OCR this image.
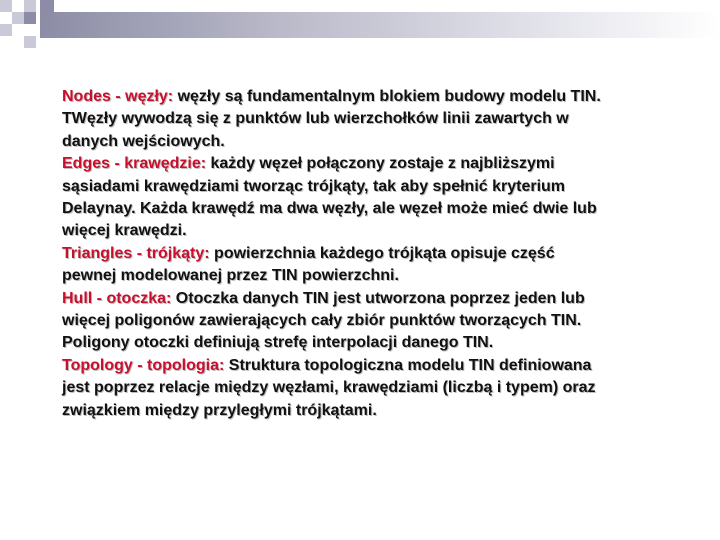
Nodes - węzły: węzły są fundamentalnym blokiem budowy modelu TIN. TWęzły wywodzą się z punktów lub wierzchołków linii zawartych w danych wejściowych.

Edges - krawędzie: każdy węzeł połączony zostaje z najbliższymi sąsiadami krawędziami tworząc trójkąty, tak aby spełnić kryterium Delaynay. Każda krawędź ma dwa węzły, ale węzeł może mieć dwie lub więcej krawędzi.

Triangles - trójkąty: powierzchnia każdego trójkąta opisuje część pewnej modelowanej przez TIN powierzchni.

Hull - otoczka: Otoczka danych TIN jest utworzona poprzez jeden lub więcej poligonów zawierających cały zbiór punktów tworzących TIN. Poligony otoczki definiują strefę interpolacji danego TIN.

Topology - topologia: Struktura topologiczna modelu TIN definiowana jest poprzez relacje między węzłami, krawędziami (liczbą i typem) oraz związkiem między przyległymi trójkątami.
